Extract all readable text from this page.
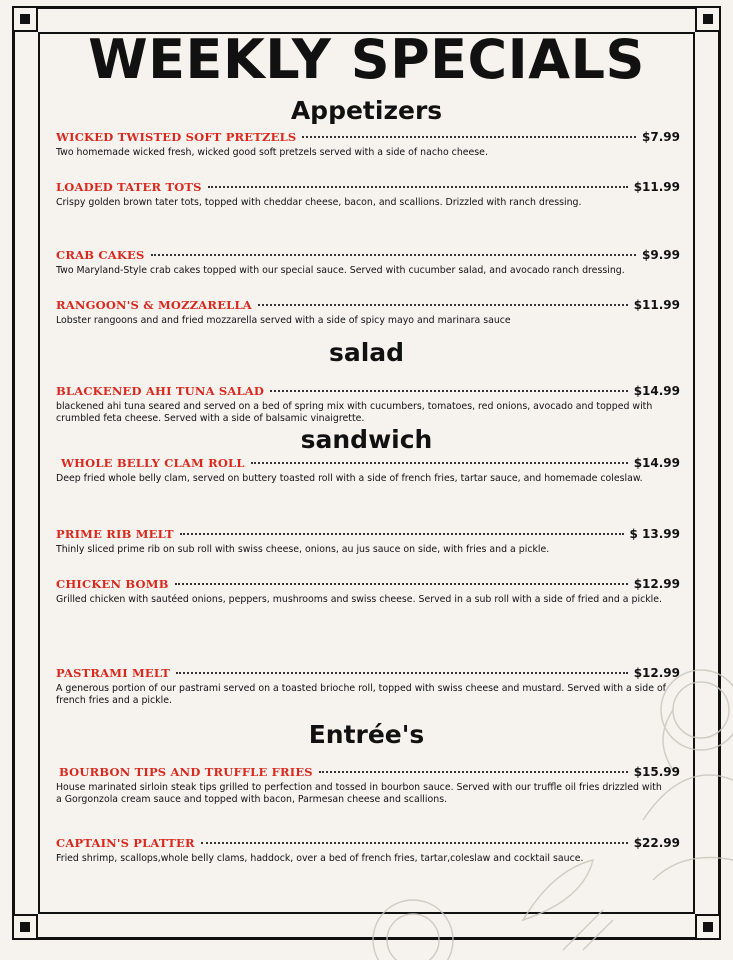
WEEKLY SPECIALS
Appetizers
salad
sandwich
Entrée's
WICKED TWISTED SOFT PRETZELS	$7.99
Two homemade wicked fresh, wicked good soft pretzels served with a side of nacho cheese.
LOADED TATER TOTS	$11.99
Crispy golden brown tater tots, topped with cheddar cheese, bacon, and scallions. Drizzled with ranch dressing.
CRAB CAKES	$9.99
Two Maryland-Style crab cakes topped with our special sauce. Served with cucumber salad, and avocado ranch dressing.
RANGOON'S & MOZZARELLA	$11.99
Lobster rangoons and and fried mozzarella served with a side of spicy mayo and marinara sauce
BLACKENED AHI TUNA SALAD	$14.99
blackened ahi tuna seared and served on a bed of spring mix with cucumbers, tomatoes, red onions, avocado and topped with crumbled feta cheese. Served with a side of balsamic vinaigrette.
WHOLE BELLY CLAM ROLL	$14.99
Deep fried whole belly clam, served on buttery toasted roll with a side of french fries, tartar sauce, and homemade coleslaw.
PRIME RIB MELT	$ 13.99
Thinly sliced prime rib on sub roll with swiss cheese, onions, au jus sauce on side, with fries and a pickle.
CHICKEN BOMB	$12.99
Grilled chicken with sautéed onions, peppers, mushrooms and swiss cheese. Served in a sub roll with a side of fried and a pickle.
PASTRAMI MELT	$12.99
A generous portion of our pastrami served on a toasted brioche roll, topped with swiss cheese and mustard. Served with a side of french fries and a pickle.
BOURBON TIPS AND TRUFFLE FRIES	$15.99
House marinated sirloin steak tips grilled to perfection and tossed in bourbon sauce. Served with our truffle oil fries drizzled with a Gorgonzola cream sauce and topped with bacon, Parmesan cheese and scallions.
CAPTAIN'S PLATTER	$22.99
Fried shrimp, scallops,whole belly clams, haddock, over a bed of french fries, tartar,coleslaw and cocktail sauce.
